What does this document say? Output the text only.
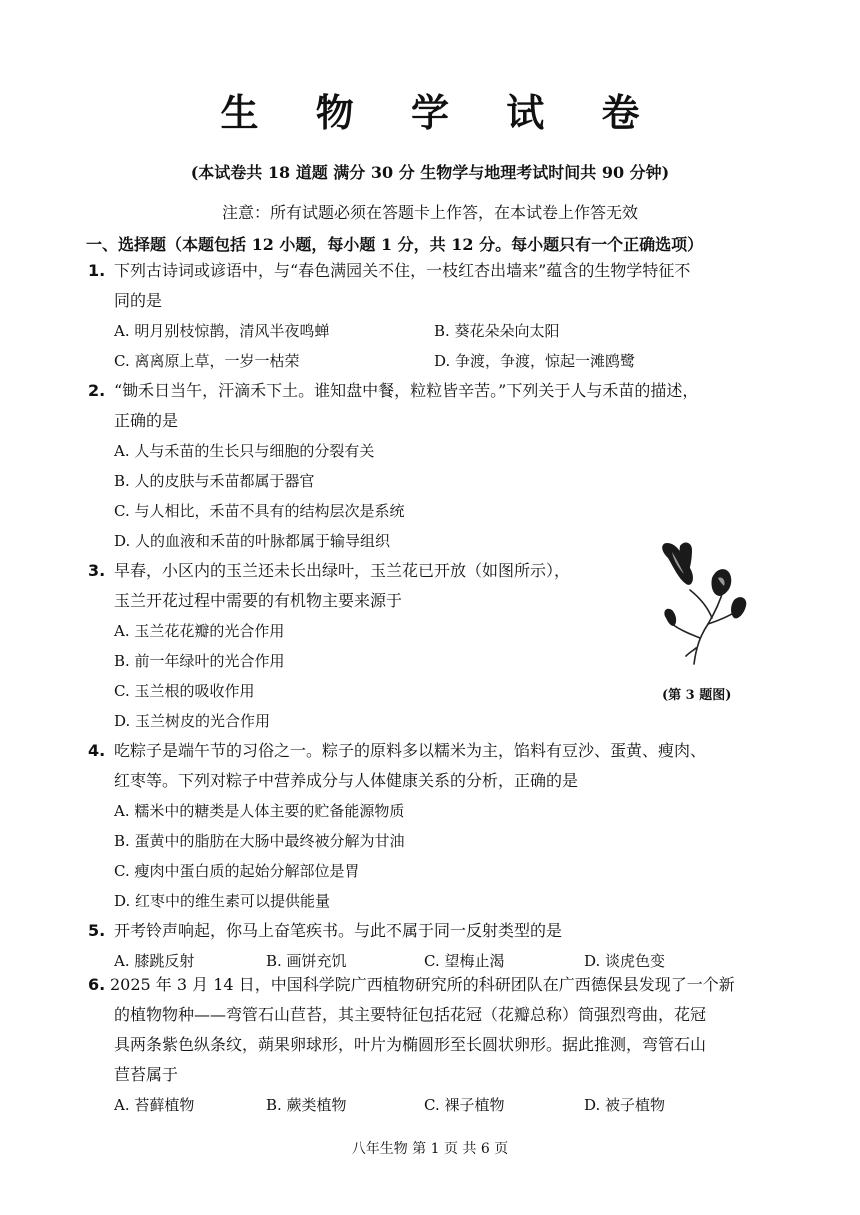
生 物 学 试 卷
(本试卷共 18 道题 满分 30 分 生物学与地理考试时间共 90 分钟)
注意：所有试题必须在答题卡上作答，在本试卷上作答无效
一、选择题（本题包括 12 小题，每小题 1 分，共 12 分。每小题只有一个正确选项）
1. 下列古诗词或谚语中，与“春色满园关不住，一枝红杏出墙来”蕴含的生物学特征不
同的是
A. 明月别枝惊鹊，清风半夜鸣蝉	B. 葵花朵朵向太阳
C. 离离原上草，一岁一枯荣	D. 争渡，争渡，惊起一滩鸥鹭
2. “锄禾日当午，汗滴禾下土。谁知盘中餐，粒粒皆辛苦。”下列关于人与禾苗的描述，
正确的是
A. 人与禾苗的生长只与细胞的分裂有关
B. 人的皮肤与禾苗都属于器官
C. 与人相比，禾苗不具有的结构层次是系统
D. 人的血液和禾苗的叶脉都属于输导组织
3. 早春，小区内的玉兰还未长出绿叶，玉兰花已开放（如图所示），
玉兰开花过程中需要的有机物主要来源于
A. 玉兰花花瓣的光合作用
B. 前一年绿叶的光合作用
C. 玉兰根的吸收作用
D. 玉兰树皮的光合作用
(第 3 题图)
4. 吃粽子是端午节的习俗之一。粽子的原料多以糯米为主，馅料有豆沙、蛋黄、瘦肉、
红枣等。下列对粽子中营养成分与人体健康关系的分析，正确的是
A. 糯米中的糖类是人体主要的贮备能源物质
B. 蛋黄中的脂肪在大肠中最终被分解为甘油
C. 瘦肉中蛋白质的起始分解部位是胃
D. 红枣中的维生素可以提供能量
5. 开考铃声响起，你马上奋笔疾书。与此不属于同一反射类型的是
A. 膝跳反射	B. 画饼充饥	C. 望梅止渴	D. 谈虎色变
6. 2025 年 3 月 14 日，中国科学院广西植物研究所的科研团队在广西德保县发现了一个新
的植物物种——弯管石山苣苔，其主要特征包括花冠（花瓣总称）筒强烈弯曲，花冠
具两条紫色纵条纹，蒴果卵球形，叶片为椭圆形至长圆状卵形。据此推测，弯管石山
苣苔属于
A. 苔藓植物	B. 蕨类植物	C. 裸子植物	D. 被子植物
八年生物 第 1 页 共 6 页
